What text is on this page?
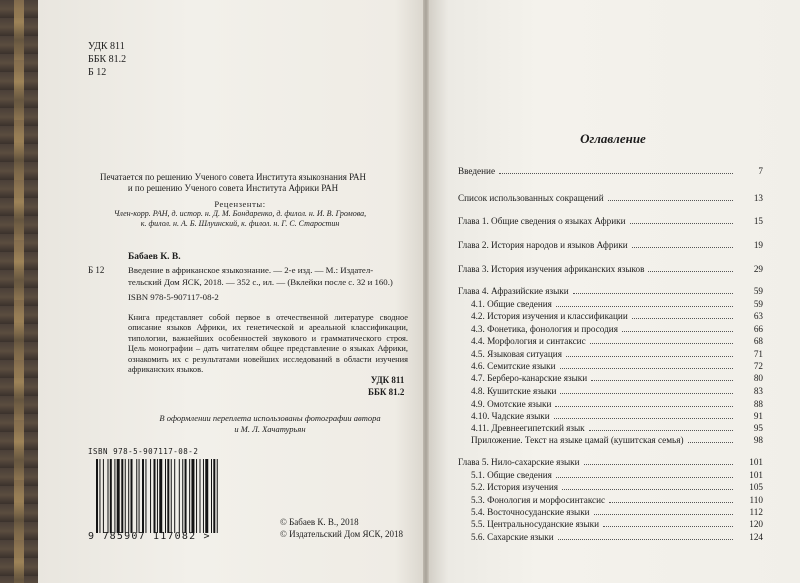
УДК 811
ББК 81.2
Б 12
Печатается по решению Ученого совета Института языкознания РАН
и по решению Ученого совета Института Африки РАН
Рецензенты:
Член-корр. РАН, д. истор. н. Д. М. Бондаренко, д. филол. н. И. В. Громова,
к. филол. н. А. Б. Шлуинский, к. филол. н. Г. С. Старостин
Бабаев К. В.
Б 12	Введение в африканское языкознание. — 2-е изд. — М.: Издател-
тельский Дом ЯСК, 2018. — 352 с., ил. — (Вклейки после с. 32 и 160.)
ISBN 978-5-907117-08-2
Книга представляет собой первое в отечественной литературе сводное описание языков Африки, их генетической и ареальной классификации, типологии, важнейших особенностей звукового и грамматического строя. Цель монографии – дать читателям общее представление о языках Африки, ознакомить их с результатами новейших исследований в области изучения африканских языков.
УДК 811
ББК 81.2
В оформлении переплета использованы фотографии автора
и М. Л. Хачатурьян
ISBN 978-5-907117-08-2
9 785907 117082 >
© Бабаев К. В., 2018
© Издательский Дом ЯСК, 2018
Оглавление
Введение	7
Список использованных сокращений	13
Глава 1. Общие сведения о языках Африки	15
Глава 2. История народов и языков Африки	19
Глава 3. История изучения африканских языков	29
Глава 4. Афразийские языки	59
4.1. Общие сведения	59
4.2. История изучения и классификации	63
4.3. Фонетика, фонология и просодия	66
4.4. Морфология и синтаксис	68
4.5. Языковая ситуация	71
4.6. Семитские языки	72
4.7. Берберо-канарские языки	80
4.8. Кушитские языки	83
4.9. Омотские языки	88
4.10. Чадские языки	91
4.11. Древнеегипетский язык	95
Приложение. Текст на языке цамай (кушитская семья)	98
Глава 5. Нило-сахарские языки	101
5.1. Общие сведения	101
5.2. История изучения	105
5.3. Фонология и морфосинтаксис	110
5.4. Восточносуданские языки	112
5.5. Центральносуданские языки	120
5.6. Сахарские языки	124
